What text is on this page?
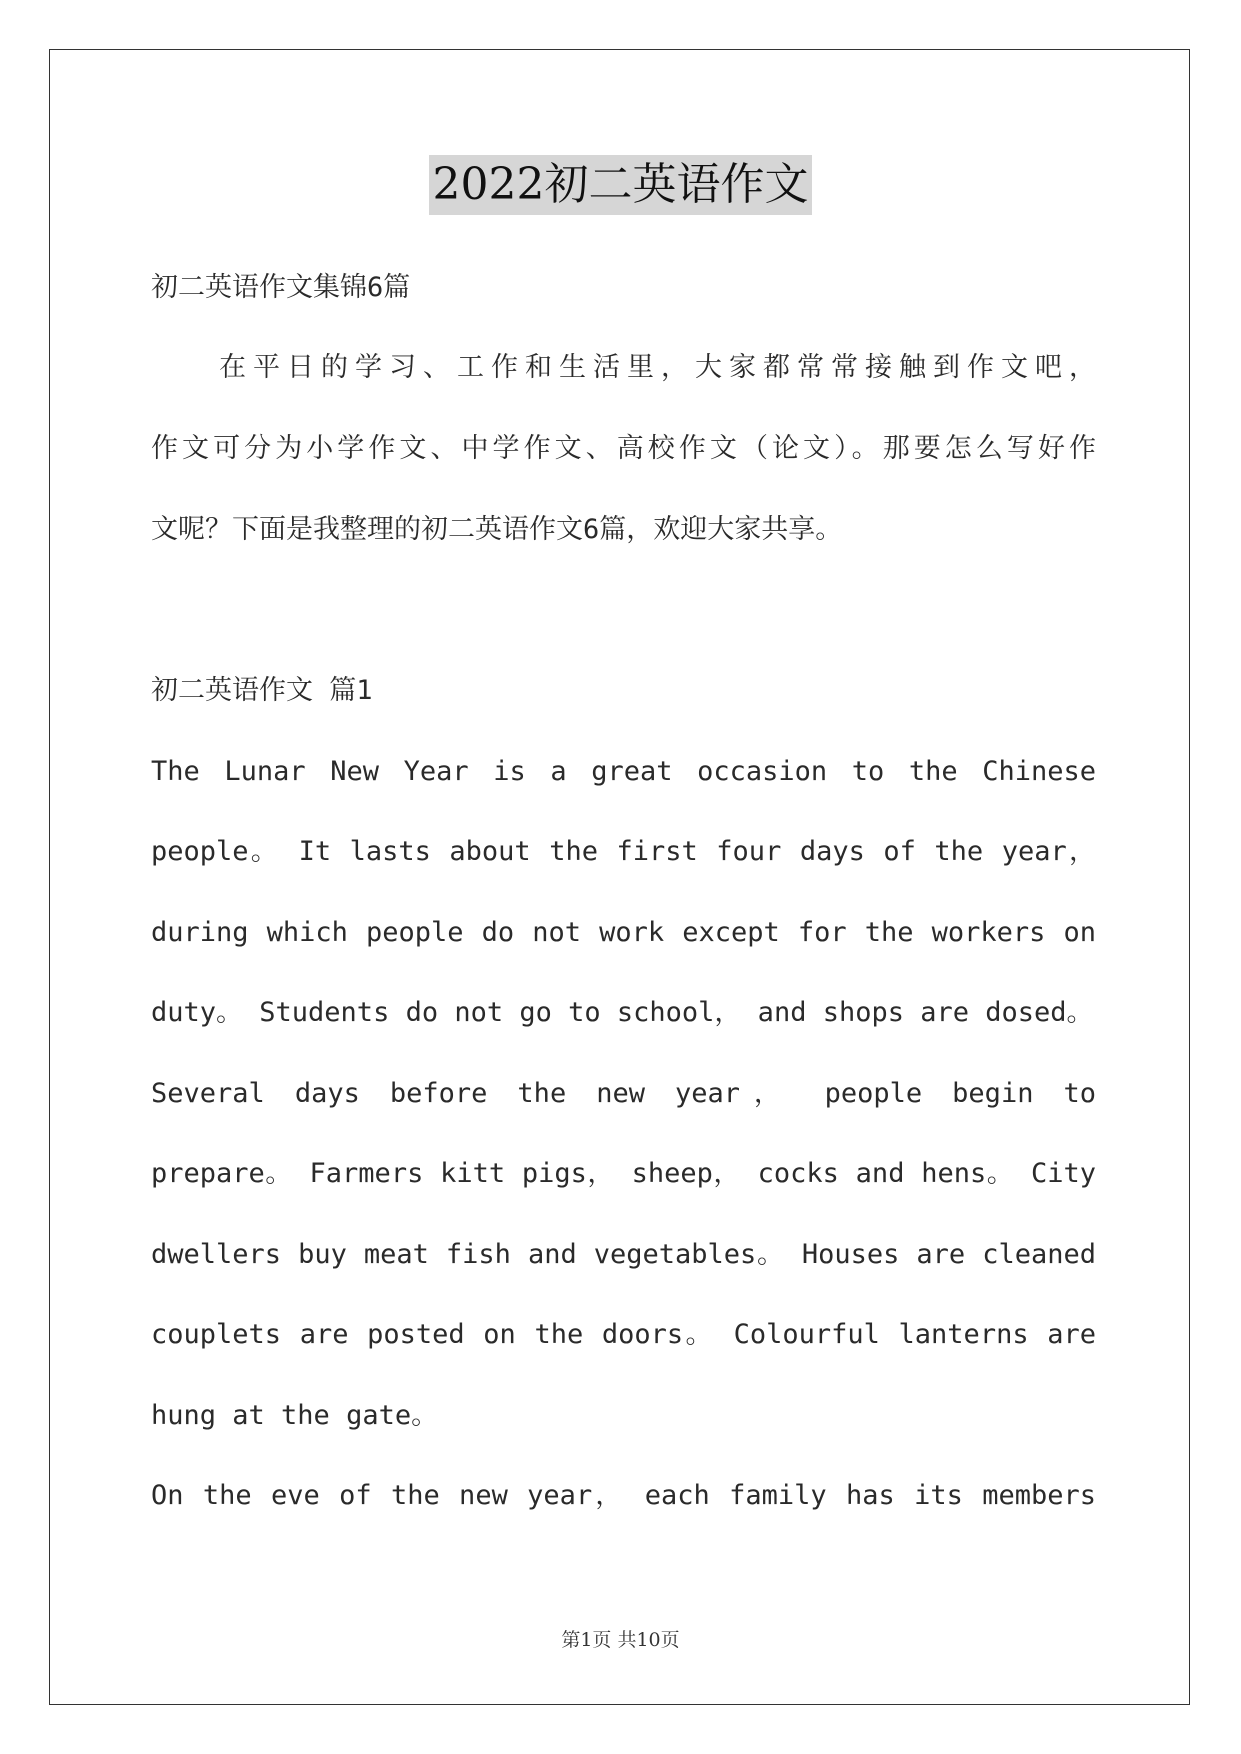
2022初二英语作文
初二英语作文集锦6篇
　　在平日的学习、工作和生活里，大家都常常接触到作文吧，
作文可分为小学作文、中学作文、高校作文（论文）。那要怎么写好作
文呢？下面是我整理的初二英语作文6篇，欢迎大家共享。
初二英语作文 篇1
The Lunar New Year is a great occasion to the Chinese
people。 It lasts about the first four days of the year，
during which people do not work except for the workers on
duty。 Students do not go to school， and shops are dosed。
Several days before the new year， people begin to
prepare。 Farmers kitt pigs， sheep， cocks and hens。 City
dwellers buy meat fish and vegetables。 Houses are cleaned
couplets are posted on the doors。 Colourful lanterns are
hung at the gate。
On the eve of the new year， each family has its members
第1页 共10页
